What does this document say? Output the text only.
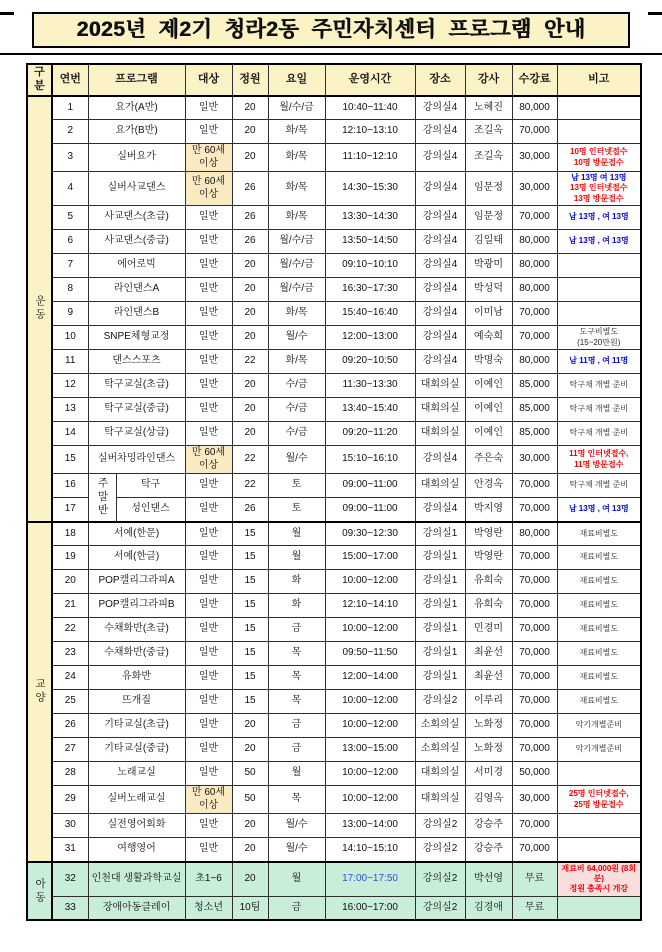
2025년 제2기 청라2동 주민자치센터 프로그램 안내
구분	연번	프로그램		대상	정원	요일	운영시간	장소	강사	수강료	비고
운동	1	요가(A반)		일반	20	월/수/금	10:40~11:40	강의실4	노혜진	80,000	
	2	요가(B반)		일반	20	화/목	12:10~13:10	강의실4	조길옥	70,000	
	3	실버요가		만 60세 이상	20	화/목	11:10~12:10	강의실4	조길옥	30,000	10명 인터넷접수
10명 방문접수

	4	실버사교댄스		만 60세 이상	26	화/목	14:30~15:30	강의실4	임문정	30,000	남 13명 여 13명
13명 인터넷접수
13명 방문접수

	5	사교댄스(초급)		일반	26	화/목	13:30~14:30	강의실4	임문정	70,000	남 13명 , 여 13명

	6	사교댄스(중급)		일반	26	월/수/금	13:50~14:50	강의실4	김일태	80,000	남 13명 , 여 13명

	7	에어로빅		일반	20	월/수/금	09:10~10:10	강의실4	박광미	80,000	
	8	라인댄스A		일반	20	월/수/금	16:30~17:30	강의실4	박성덕	80,000	
	9	라인댄스B		일반	20	화/목	15:40~16:40	강의실4	이미남	70,000	
	10	SNPE체형교정		일반	20	월/수	12:00~13:00	강의실4	예숙희	70,000	도구비별도
(15~20만원)

	11	댄스스포츠		일반	22	화/목	09:20~10:50	강의실4	박명숙	80,000	남 11명 , 여 11명

	12	탁구교실(초급)		일반	20	수/금	11:30~13:30	대회의실	이예인	85,000	탁구채 개별 준비

	13	탁구교실(중급)		일반	20	수/금	13:40~15:40	대회의실	이예인	85,000	탁구채 개별 준비

	14	탁구교실(상급)		일반	20	수/금	09:20~11:20	대회의실	이예인	85,000	탁구채 개별 준비

	15	실버차밍라인댄스		만 60세 이상	22	월/수	15:10~16:10	강의실4	주은숙	30,000	11명 인터넷접수,
11명 방문접수

	16	주말반	탁구	일반	22	토	09:00~11:00	대회의실	안경옥	70,000	탁구채 개별 준비

	17		성인댄스	일반	26	토	09:00~11:00	강의실4	박지영	70,000	남 13명 , 여 13명

교양	18	서예(한문)		일반	15	월	09:30~12:30	강의실1	박영란	80,000	재료비별도

	19	서예(한글)		일반	15	월	15:00~17:00	강의실1	박영란	70,000	재료비별도

	20	POP캘리그라피A		일반	15	화	10:00~12:00	강의실1	유희숙	70,000	재료비별도

	21	POP캘리그라피B		일반	15	화	12:10~14:10	강의실1	유희숙	70,000	재료비별도

	22	수채화반(초급)		일반	15	금	10:00~12:00	강의실1	민경미	70,000	재료비별도

	23	수채화반(중급)		일반	15	목	09:50~11:50	강의실1	최윤선	70,000	재료비별도

	24	유화반		일반	15	목	12:00~14:00	강의실1	최윤선	70,000	재료비별도

	25	뜨개질		일반	15	목	10:00~12:00	강의실2	이루리	70,000	재료비별도

	26	기타교실(초급)		일반	20	금	10:00~12:00	소회의실	노화정	70,000	악기개별준비

	27	기타교실(중급)		일반	20	금	13:00~15:00	소회의실	노화정	70,000	악기개별준비

	28	노래교실		일반	50	월	10:00~12:00	대회의실	서미경	50,000	
	29	실버노래교실		만 60세 이상	50	목	10:00~12:00	대회의실	김영옥	30,000	25명 인터넷접수,
25명 방문접수

	30	실전영어회화		일반	20	월/수	13:00~14:00	강의실2	강승주	70,000	
	31	여행영어		일반	20	월/수	14:10~15:10	강의실2	강승주	70,000	
아동	32	인천대 생활과학교실		초1~6	20	월	17:00~17:50	강의실2	박선영	무료	재료비 64,000원 (8회분)
정원 충족시 개강

	33	장애아동클레이		청소년	10팀	금	16:00~17:00	강의실2	김경애	무료	
